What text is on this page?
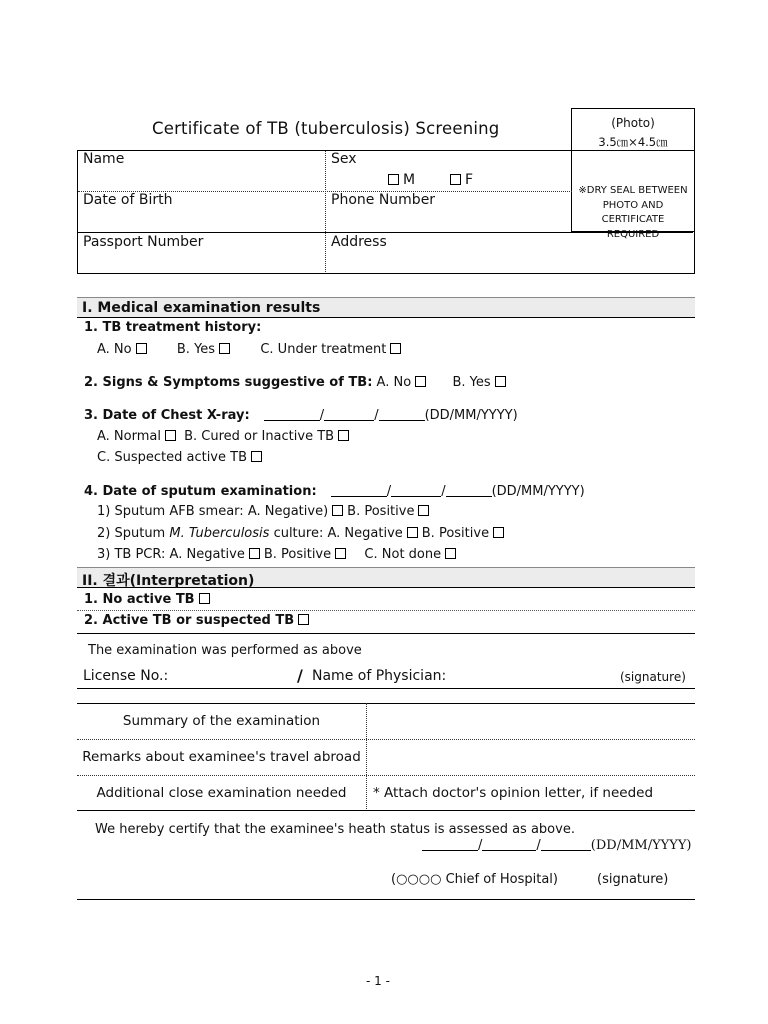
Certificate of TB (tuberculosis) Screening	(Photo)
3.5㎝×4.5㎝
※DRY SEAL BETWEEN PHOTO AND CERTIFICATE REQUIRED
Name	Sex
M	F
Date of Birth	Phone Number
Passport Number	Address
I. Medical examination results
1. TB treatment history:
A. No	B. Yes	C. Under treatment
2. Signs & Symptoms suggestive of TB: A. No	B. Yes
3. Date of Chest X-ray:	/	/	(DD/MM/YYYY)
A. Normal B. Cured or Inactive TB
C. Suspected active TB
4. Date of sputum examination:	/	/	(DD/MM/YYYY)
1) Sputum AFB smear: A. Negative) B. Positive
2) Sputum M. Tuberculosis culture: A. Negative B. Positive
3) TB PCR: A. Negative B. Positive	C. Not done
II. 결과(Interpretation)
1. No active TB
2. Active TB or suspected TB
The examination was performed as above
License No.:	/ Name of Physician:	(signature)
Summary of the examination
Remarks about examinee's travel abroad
Additional close examination needed	* Attach doctor's opinion letter, if needed
We hereby certify that the examinee's heath status is assessed as above.
/	/	(DD/MM/YYYY)
(○○○○ Chief of Hospital)	(signature)
- 1 -
